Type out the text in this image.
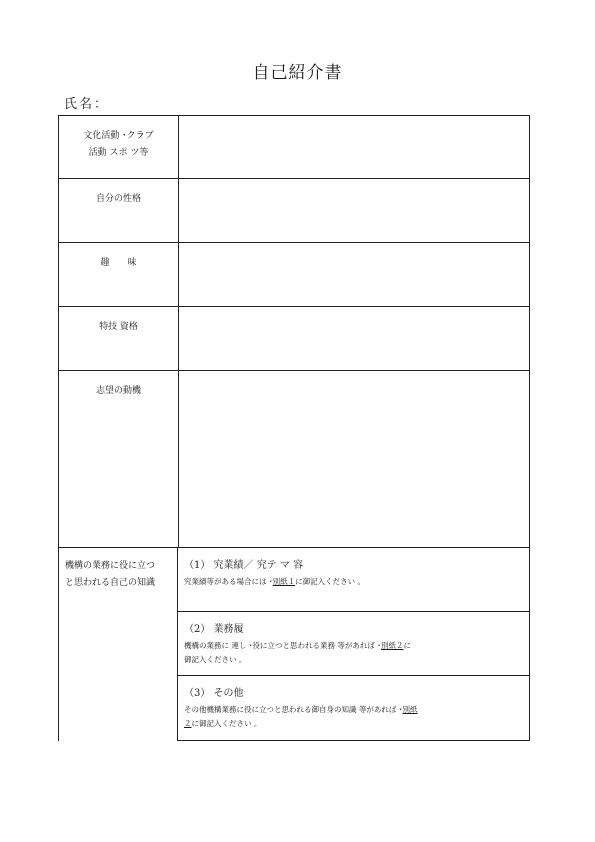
自己紹介書
氏名：
文化活動 ･クラブ
活動 スポ ツ等
自分の性格
趣　　味
特技 資格
志望の動機
機構の業務に役に立つ
と思われる自己の知識
（1） 究業績／ 究テ マ 容
究業績等がある場合には ･別紙１に御記入ください ｡
（2） 業務履
機構の業務に 連し ･役に立つと思われる業務 等があれば ･別紙２に
御記入ください ｡
（3） その他
その他機構業務に役に立つと思われる御自身の知識 等があれば ･別紙
２に御記入ください ｡
